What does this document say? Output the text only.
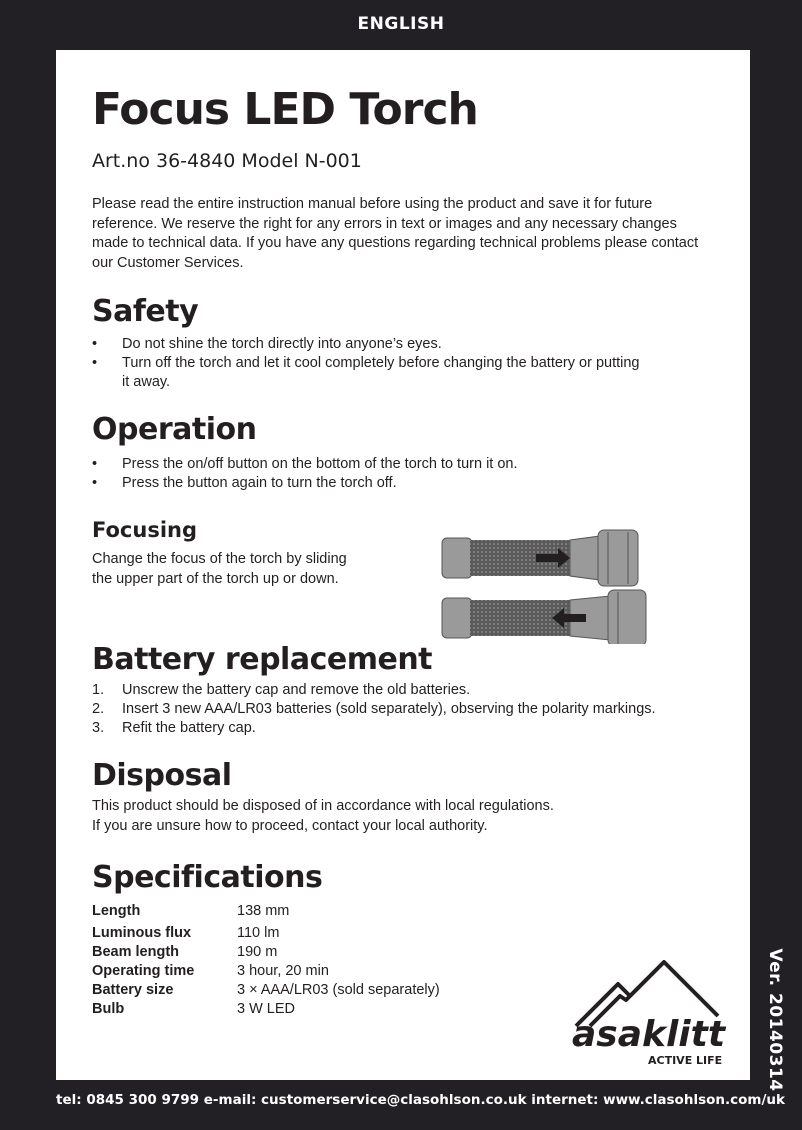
ENGLISH
Focus LED Torch
Art.no 36-4840 Model N-001

Please read the entire instruction manual before using the product and save it for future reference. We reserve the right for any errors in text or images and any necessary changes made to technical data. If you have any questions regarding technical problems please contact our Customer Services.

Safety
• Do not shine the torch directly into anyone’s eyes.
• Turn off the torch and let it cool completely before changing the battery or putting it away.
Operation
• Press the on/off button on the bottom of the torch to turn it on.
• Press the button again to turn the torch off.
Focusing

Change the focus of the torch by sliding
the upper part of the torch up or down.

Battery replacement
1. Unscrew the battery cap and remove the old batteries.
2. Insert 3 new AAA/LR03 batteries (sold separately), observing the polarity markings.
3. Refit the battery cap.
Disposal

This product should be disposed of in accordance with local regulations.
If you are unsure how to proceed, contact your local authority.

Specifications
Length	138 mm
Luminous flux	110 lm
Beam length	190 m
Operating time	3 hour, 20 min
Battery size	3 × AAA/LR03 (sold separately)
Bulb	3 W LED
asaklitt
ACTIVE LIFE	Ver. 20140314
tel: 0845 300 9799 e-mail: customerservice@clasohlson.co.uk internet: www.clasohlson.com/uk
